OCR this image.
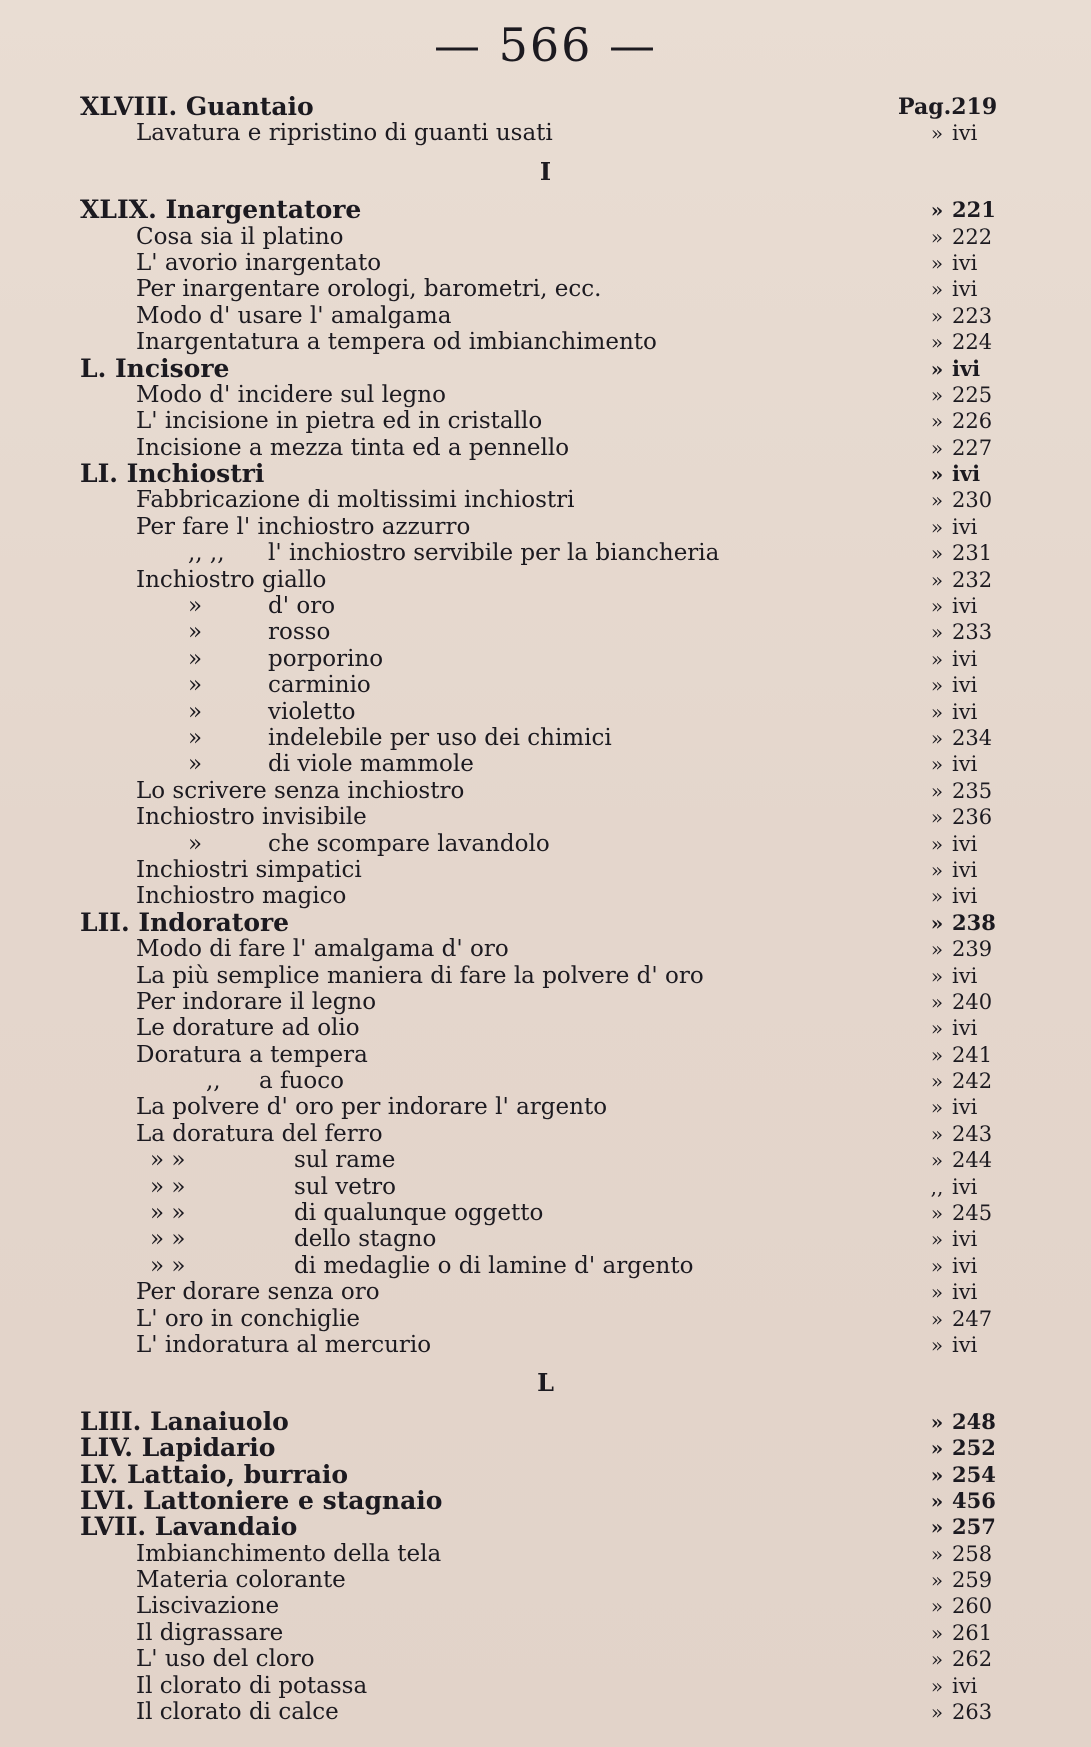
— 566 —
XLVIII. Guantaio	Pag.219
Lavatura e ripristino di guanti usati	» ivi
I
XLIX. Inargentatore	» 221
Cosa sia il platino	» 222
L' avorio inargentato	» ivi
Per inargentare orologi, barometri, ecc.	» ivi
Modo d' usare l' amalgama	» 223
Inargentatura a tempera od imbianchimento	» 224
L. Incisore	» ivi
Modo d' incidere sul legno	» 225
L' incisione in pietra ed in cristallo	» 226
Incisione a mezza tinta ed a pennello	» 227
LI. Inchiostri	» ivi
Fabbricazione di moltissimi inchiostri	» 230
Per fare l' inchiostro azzurro	» ivi
,, ,, l' inchiostro servibile per la biancheria	» 231
Inchiostro giallo	» 232
»	d' oro	» ivi
»	rosso	» 233
»	porporino	» ivi
»	carminio	» ivi
»	violetto	» ivi
»	indelebile per uso dei chimici	» 234
»	di viole mammole	» ivi
Lo scrivere senza inchiostro	» 235
Inchiostro invisibile	» 236
»	che scompare lavandolo	» ivi
Inchiostri simpatici	» ivi
Inchiostro magico	» ivi
LII. Indoratore	» 238
Modo di fare l' amalgama d' oro	» 239
La più semplice maniera di fare la polvere d' oro	» ivi
Per indorare il legno	» 240
Le dorature ad olio	» ivi
Doratura a tempera	» 241
,, a fuoco	» 242
La polvere d' oro per indorare l' argento	» ivi
La doratura del ferro	» 243
» »	sul rame	» 244
» »	sul vetro	,, ivi
» »	di qualunque oggetto	» 245
» »	dello stagno	» ivi
» »	di medaglie o di lamine d' argento	» ivi
Per dorare senza oro	» ivi
L' oro in conchiglie	» 247
L' indoratura al mercurio	» ivi
L
LIII. Lanaiuolo	» 248
LIV. Lapidario	» 252
LV. Lattaio, burraio	» 254
LVI. Lattoniere e stagnaio	» 456
LVII. Lavandaio	» 257
Imbianchimento della tela	» 258
Materia colorante	» 259
Liscivazione	» 260
Il digrassare	» 261
L' uso del cloro	» 262
Il clorato di potassa	» ivi
Il clorato di calce	» 263
